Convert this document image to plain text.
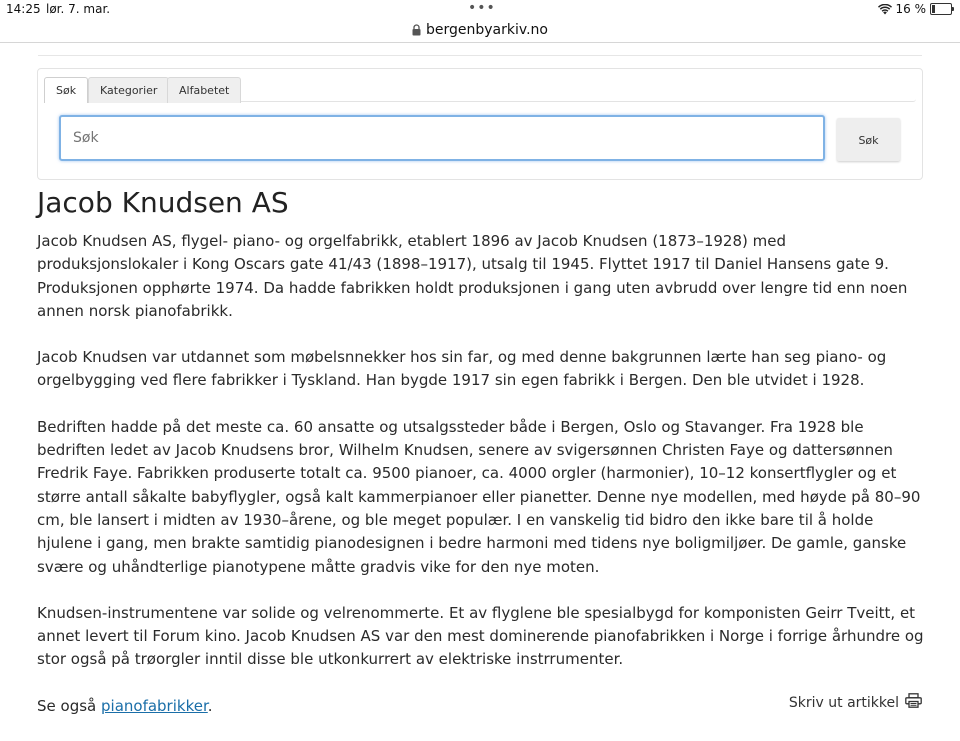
14:25 lør. 7. mar.	•••	16 %
bergenbyarkiv.no
Søk	Kategorier	Alfabetet
Søk
Søk
Jacob Knudsen AS

Jacob Knudsen AS, flygel- piano- og orgelfabrikk, etablert 1896 av Jacob Knudsen (1873–1928) med produksjonslokaler i Kong Oscars gate 41/43 (1898–1917), utsalg til 1945. Flyttet 1917 til Daniel Hansens gate 9. Produksjonen opphørte 1974. Da hadde fabrikken holdt produksjonen i gang uten avbrudd over lengre tid enn noen annen norsk pianofabrikk.

Jacob Knudsen var utdannet som møbelsnnekker hos sin far, og med denne bakgrunnen lærte han seg piano- og orgelbygging ved flere fabrikker i Tyskland. Han bygde 1917 sin egen fabrikk i Bergen. Den ble utvidet i 1928.

Bedriften hadde på det meste ca. 60 ansatte og utsalgssteder både i Bergen, Oslo og Stavanger. Fra 1928 ble bedriften ledet av Jacob Knudsens bror, Wilhelm Knudsen, senere av svigersønnen Christen Faye og dattersønnen Fredrik Faye. Fabrikken produserte totalt ca. 9500 pianoer, ca. 4000 orgler (harmonier), 10–12 konsertflygler og et større antall såkalte babyflygler, også kalt kammerpianoer eller pianetter. Denne nye modellen, med høyde på 80–90 cm, ble lansert i midten av 1930–årene, og ble meget populær. I en vanskelig tid bidro den ikke bare til å holde hjulene i gang, men brakte samtidig pianodesignen i bedre harmoni med tidens nye boligmiljøer. De gamle, ganske svære og uhåndterlige pianotypene måtte gradvis vike for den nye moten.

Knudsen-instrumentene var solide og velrenommerte. Et av flyglene ble spesialbygd for komponisten Geirr Tveitt, et annet levert til Forum kino. Jacob Knudsen AS var den mest dominerende pianofabrikken i Norge i forrige århundre og stor også på trøorgler inntil disse ble utkonkurrert av elektriske instrrumenter.

Se også pianofabrikker.	Skriv ut artikkel
